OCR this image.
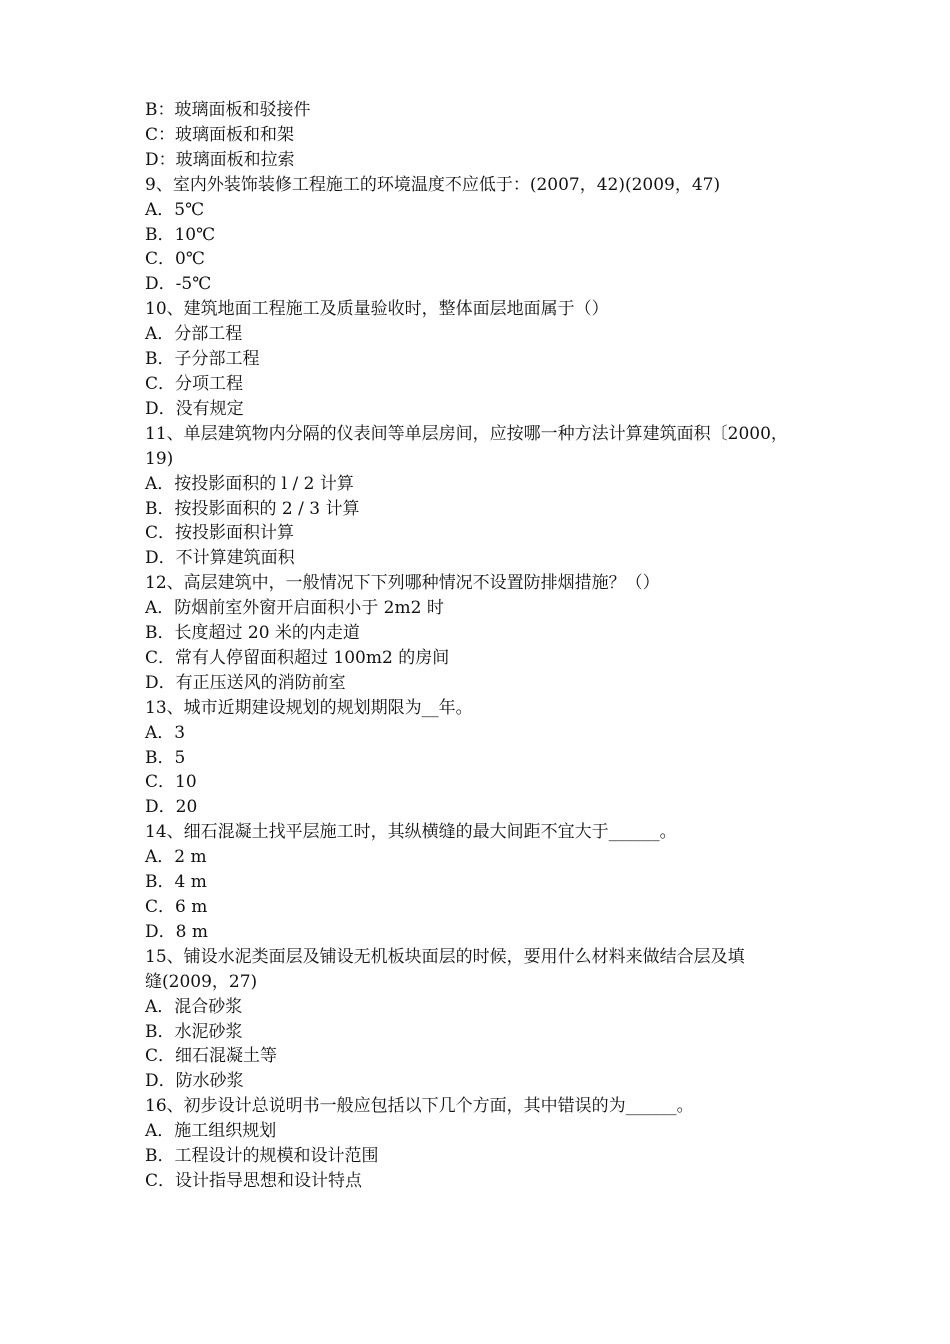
B：玻璃面板和驳接件

C：玻璃面板和和架

D：玻璃面板和拉索

9、室内外装饰装修工程施工的环境温度不应低于：(2007，42)(2009，47)

A．5℃

B．10℃

C．0℃

D．-5℃

10、建筑地面工程施工及质量验收时，整体面层地面属于（）

A．分部工程

B．子分部工程

C．分项工程

D．没有规定

11、单层建筑物内分隔的仪表间等单层房间，应按哪一种方法计算建筑面积〔2000，

19)

A．按投影面积的 l / 2 计算

B．按投影面积的 2 / 3 计算

C．按投影面积计算

D．不计算建筑面积

12、高层建筑中，一般情况下下列哪种情况不设置防排烟措施？（）

A．防烟前室外窗开启面积小于 2m2 时

B．长度超过 20 米的内走道

C．常有人停留面积超过 100m2 的房间

D．有正压送风的消防前室

13、城市近期建设规划的规划期限为__年。

A．3

B．5

C．10

D．20

14、细石混凝土找平层施工时，其纵横缝的最大间距不宜大于______。

A．2 m

B．4 m

C．6 m

D．8 m

15、铺设水泥类面层及铺设无机板块面层的时候，要用什么材料来做结合层及填

缝(2009，27)

A．混合砂浆

B．水泥砂浆

C．细石混凝土等

D．防水砂浆

16、初步设计总说明书一般应包括以下几个方面，其中错误的为______。

A．施工组织规划

B．工程设计的规模和设计范围

C．设计指导思想和设计特点
